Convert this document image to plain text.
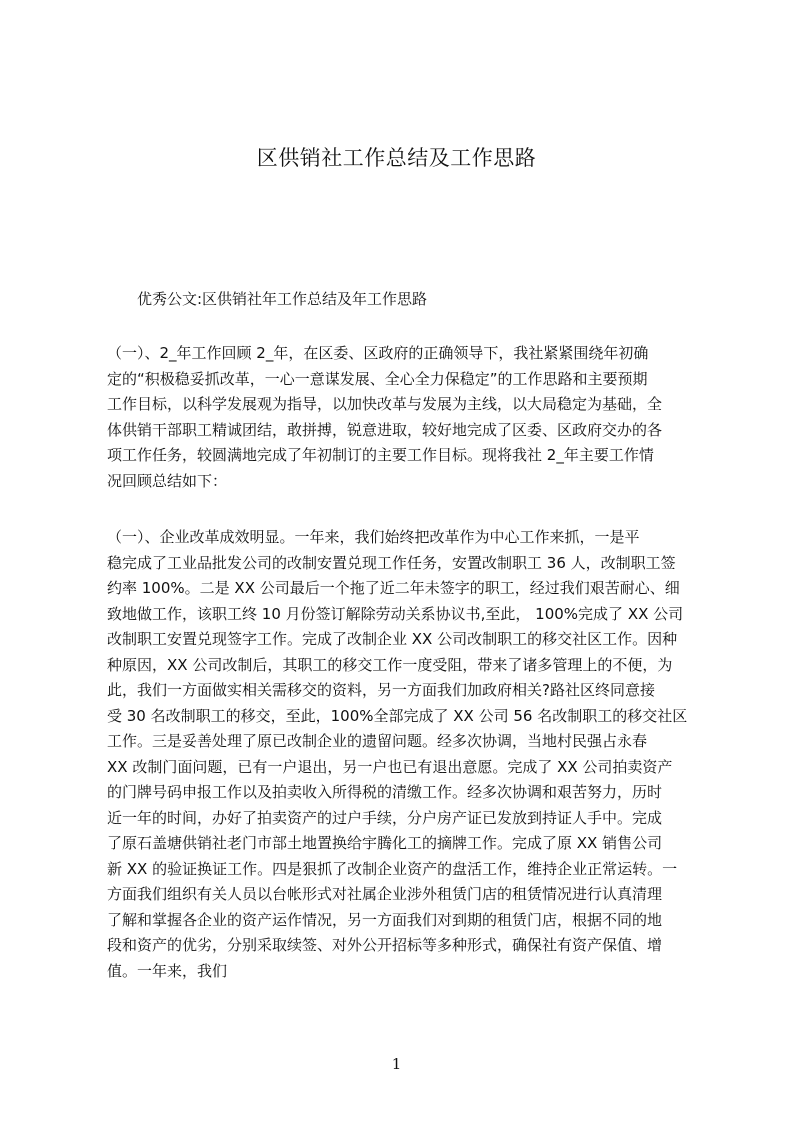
区供销社工作总结及工作思路

优秀公文:区供销社年工作总结及年工作思路

（一）、2_年工作回顾 2_年，在区委、区政府的正确领导下，我社紧紧围绕年初确
定的“积极稳妥抓改革，一心一意谋发展、全心全力保稳定”的工作思路和主要预期
工作目标，以科学发展观为指导，以加快改革与发展为主线，以大局稳定为基础，全
体供销干部职工精诚团结，敢拼搏，锐意进取，较好地完成了区委、区政府交办的各
项工作任务，较圆满地完成了年初制订的主要工作目标。现将我社 2_年主要工作情
况回顾总结如下：
（一）、企业改革成效明显。一年来，我们始终把改革作为中心工作来抓，一是平
稳完成了工业品批发公司的改制安置兑现工作任务，安置改制职工 36 人，改制职工签
约率 100%。二是 XX 公司最后一个拖了近二年未签字的职工，经过我们艰苦耐心、细
致地做工作，该职工终 10 月份签订解除劳动关系协议书,至此， 100%完成了 XX 公司
改制职工安置兑现签字工作。完成了改制企业 XX 公司改制职工的移交社区工作。因种
种原因，XX 公司改制后，其职工的移交工作一度受阻，带来了诸多管理上的不便，为
此，我们一方面做实相关需移交的资料，另一方面我们加政府相关?路社区终同意接
受 30 名改制职工的移交，至此，100%全部完成了 XX 公司 56 名改制职工的移交社区
工作。三是妥善处理了原已改制企业的遗留问题。经多次协调，当地村民强占永春
XX 改制门面问题，已有一户退出，另一户也已有退出意愿。完成了 XX 公司拍卖资产
的门牌号码申报工作以及拍卖收入所得税的清缴工作。经多次协调和艰苦努力，历时
近一年的时间，办好了拍卖资产的过户手续，分户房产证已发放到持证人手中。完成
了原石盖塘供销社老门市部土地置换给宇腾化工的摘牌工作。完成了原 XX 销售公司
新 XX 的验证换证工作。四是狠抓了改制企业资产的盘活工作，维持企业正常运转。一
方面我们组织有关人员以台帐形式对社属企业涉外租赁门店的租赁情况进行认真清理
了解和掌握各企业的资产运作情况，另一方面我们对到期的租赁门店，根据不同的地
段和资产的优劣，分别采取续签、对外公开招标等多种形式，确保社有资产保值、增
值。一年来，我们
1
